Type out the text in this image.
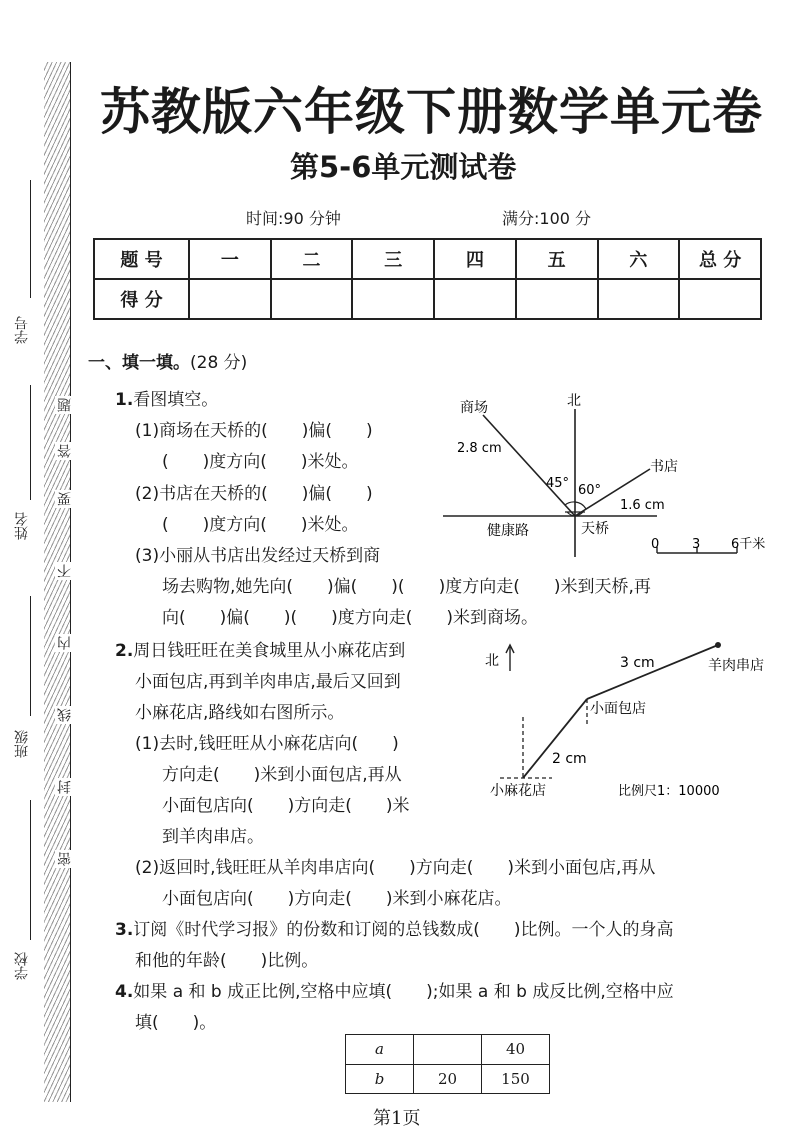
学号
姓名
班级
学校
密
封
线
内
不
要
答
题
苏教版六年级下册数学单元卷
第5-6单元测试卷
时间:90 分钟	满分:100 分
题 号	一	二	三	四	五	六	总 分
得 分							
一、填一填。(28 分)
1.看图填空。
(1)商场在天桥的(　　)偏(　　)
(　　)度方向(　　)米处。
(2)书店在天桥的(　　)偏(　　)
(　　)度方向(　　)米处。
(3)小丽从书店出发经过天桥到商
场去购物,她先向(　　)偏(　　)(　　)度方向走(　　)米到天桥,再
向(　　)偏(　　)(　　)度方向走(　　)米到商场。
商场	北
书店
2.8 cm
45° 60°
1.6 cm
健康路	天桥
0	3 6千米
2.周日钱旺旺在美食城里从小麻花店到
小面包店,再到羊肉串店,最后又回到
小麻花店,路线如右图所示。
(1)去时,钱旺旺从小麻花店向(　　)
方向走(　　)米到小面包店,再从
小面包店向(　　)方向走(　　)米
到羊肉串店。
(2)返回时,钱旺旺从羊肉串店向(　　)方向走(　　)米到小面包店,再从
小面包店向(　　)方向走(　　)米到小麻花店。
北	3 cm	羊肉串店
小面包店
2 cm
小麻花店	比例尺1：10000
3.订阅《时代学习报》的份数和订阅的总钱数成(　　)比例。一个人的身高
和他的年龄(　　)比例。
4.如果 a 和 b 成正比例,空格中应填(　　);如果 a 和 b 成反比例,空格中应
填(　　)。
a		40
b	20	150
第1页
